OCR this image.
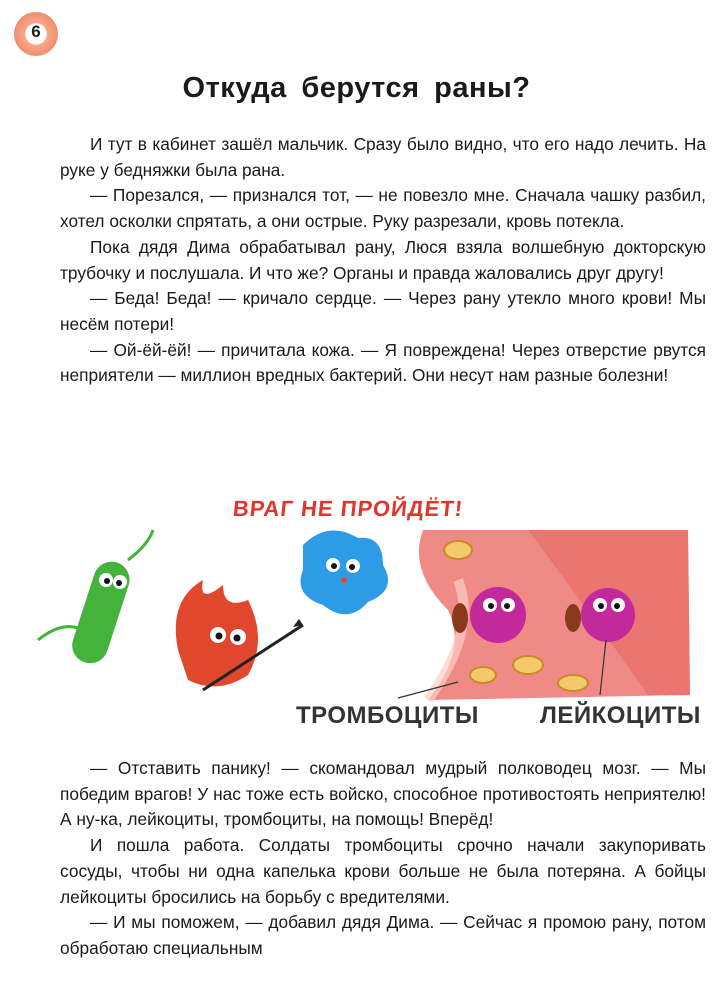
6
Откуда берутся раны?

И тут в кабинет зашёл мальчик. Сразу было видно, что его надо лечить. На руке у бедняжки была рана.

— Порезался, — признался тот, — не повезло мне. Сначала чашку разбил, хотел осколки спрятать, а они острые. Руку разрезали, кровь потекла.

Пока дядя Дима обрабатывал рану, Люся взяла волшебную докторскую трубочку и послушала. И что же? Органы и правда жаловались друг другу!

— Беда! Беда! — кричало сердце. — Через рану утекло много крови! Мы несём потери!

— Ой-ёй-ёй! — причитала кожа. — Я повреждена! Через отверстие рвутся неприятели — миллион вредных бактерий. Они несут нам разные болезни!

ВРАГ НЕ ПРОЙДЁТ!
ТРОМБОЦИТЫ	ЛЕЙКОЦИТЫ

— Отставить панику! — скомандовал мудрый полководец мозг. — Мы победим врагов! У нас тоже есть войско, способное противостоять неприятелю! А ну-ка, лейкоциты, тромбоциты, на помощь! Вперёд!

И пошла работа. Солдаты тромбоциты срочно начали закупоривать сосуды, чтобы ни одна капелька крови больше не была потеряна. А бойцы лейкоциты бросились на борьбу с вредителями.

— И мы поможем, — добавил дядя Дима. — Сейчас я промою рану, потом обработаю специальным
